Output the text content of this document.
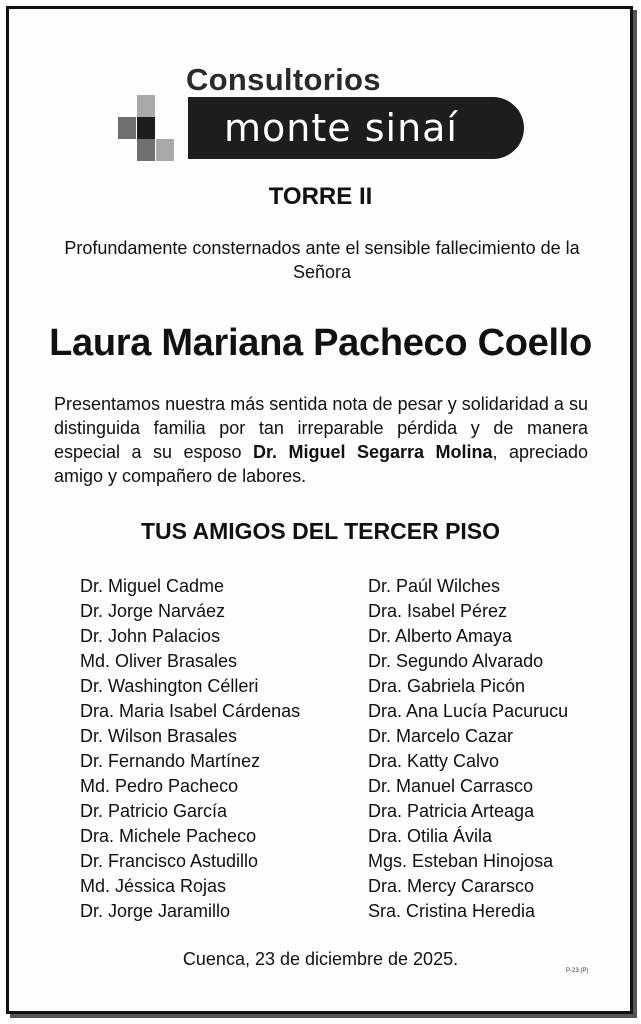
Consultorios
monte sinaí
TORRE II
Profundamente consternados ante el sensible fallecimiento de la Señora
Laura Mariana Pacheco Coello

Presentamos nuestra más sentida nota de pesar y solidaridad a su distinguida familia por tan irreparable pérdida y de manera especial a su esposo Dr. Miguel Segarra Molina, apreciado amigo y compañero de labores.

TUS AMIGOS DEL TERCER PISO
Dr. Miguel Cadme
Dr. Jorge Narváez
Dr. John Palacios
Md. Oliver Brasales
Dr. Washington Célleri
Dra. Maria Isabel Cárdenas
Dr. Wilson Brasales
Dr. Fernando Martínez
Md. Pedro Pacheco
Dr. Patricio García
Dra. Michele Pacheco
Dr. Francisco Astudillo
Md. Jéssica Rojas
Dr. Jorge Jaramillo
Dr. Paúl Wilches
Dra. Isabel Pérez
Dr. Alberto Amaya
Dr. Segundo Alvarado
Dra. Gabriela Picón
Dra. Ana Lucía Pacurucu
Dr. Marcelo Cazar
Dra. Katty Calvo
Dr. Manuel Carrasco
Dra. Patricia Arteaga
Dra. Otilia Ávila
Mgs. Esteban Hinojosa
Dra. Mercy Cararsco
Sra. Cristina Heredia
Cuenca, 23 de diciembre de 2025.
P-23 (P)
